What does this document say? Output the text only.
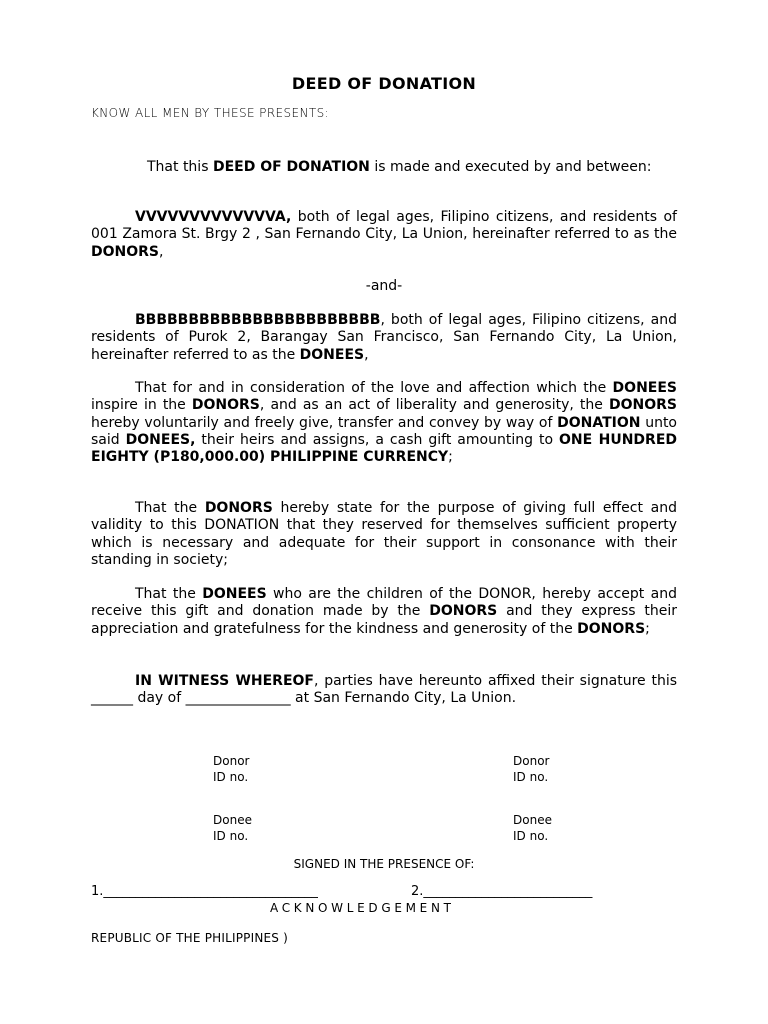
DEED OF DONATION
KNOW ALL MEN BY THESE PRESENTS:
That this DEED OF DONATION is made and executed by and between:
VVVVVVVVVVVVVA, both of legal ages, Filipino citizens, and residents of 001 Zamora St. Brgy 2 , San Fernando City, La Union, hereinafter referred to as the DONORS,
-and-
BBBBBBBBBBBBBBBBBBBBBBB, both of legal ages, Filipino citizens, and residents of Purok 2, Barangay San Francisco, San Fernando City, La Union, hereinafter referred to as the DONEES,
That for and in consideration of the love and affection which the DONEES inspire in the DONORS, and as an act of liberality and generosity, the DONORS hereby voluntarily and freely give, transfer and convey by way of DONATION unto said DONEES, their heirs and assigns, a cash gift amounting to ONE HUNDRED EIGHTY (P180,000.00) PHILIPPINE CURRENCY;
That the DONORS hereby state for the purpose of giving full effect and validity to this DONATION that they reserved for themselves sufficient property which is necessary and adequate for their support in consonance with their standing in society;
That the DONEES who are the children of the DONOR, hereby accept and receive this gift and donation made by the DONORS and they express their appreciation and gratefulness for the kindness and generosity of the DONORS;
IN WITNESS WHEREOF, parties have hereunto affixed their signature this ______ day of _______________ at San Fernando City, La Union.
Donor
ID no.
Donor
ID no.
Donee
ID no.
Donee
ID no.
SIGNED IN THE PRESENCE OF:
1._________________________________	2.__________________________
ACKNOWLEDGEMENT
REPUBLIC OF THE PHILIPPINES )
